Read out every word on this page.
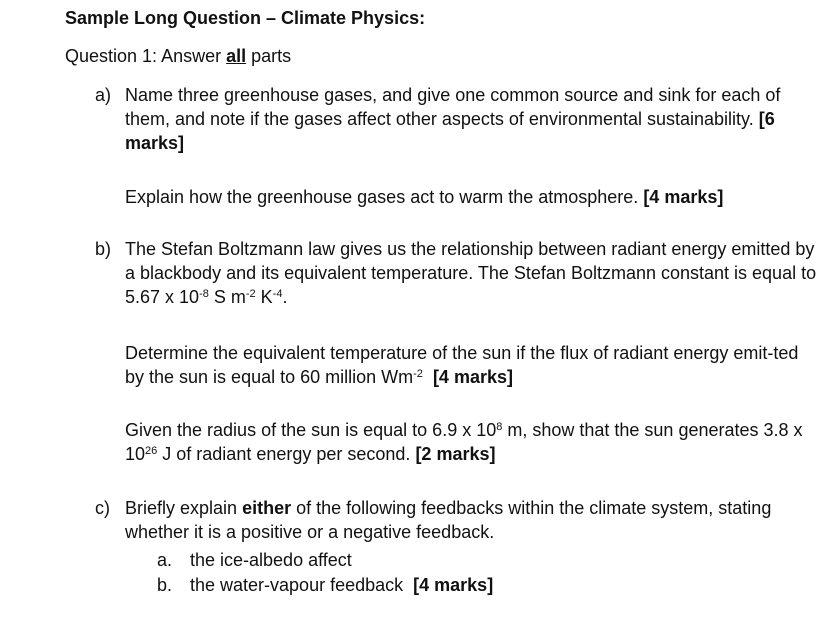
Sample Long Question – Climate Physics:
Question 1: Answer all parts
a) Name three greenhouse gases, and give one common source and sink for each of them, and note if the gases affect other aspects of environmental sustainability. [6 marks]
Explain how the greenhouse gases act to warm the atmosphere. [4 marks]
b) The Stefan Boltzmann law gives us the relationship between radiant energy emitted by a blackbody and its equivalent temperature. The Stefan Boltzmann constant is equal to 5.67 x $10^{-8}$ S $m^{-2}$ $K^{-4}$.
Determine the equivalent temperature of the sun if the flux of radiant energy emit-ted by the sun is equal to 60 million $Wm^{-2}$ [4 marks]
Given the radius of the sun is equal to 6.9 x $10^8$ m, show that the sun generates 3.8 x $10^{26}$ J of radiant energy per second. [2 marks]
c) Briefly explain either of the following feedbacks within the climate system, stating whether it is a positive or a negative feedback.
a. the ice-albedo affect
b. the water-vapour feedback  [4 marks]
